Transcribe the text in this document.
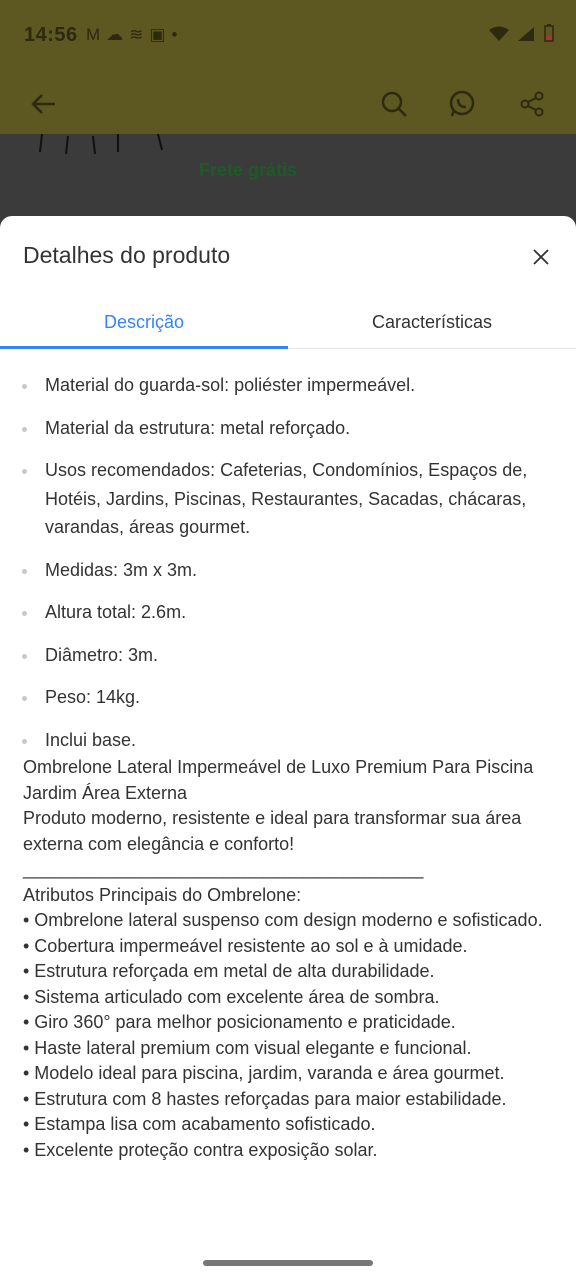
14:56 M☁≋▣•

Frete grátis
Detalhes do produto
Descrição	Características
Material do guarda-sol: poliéster impermeável.
Material da estrutura: metal reforçado.
Usos recomendados: Cafeterias, Condomínios, Espaços de, Hotéis, Jardins, Piscinas, Restaurantes, Sacadas, chácaras, varandas, áreas gourmet.
Medidas: 3m x 3m.
Altura total: 2.6m.
Diâmetro: 3m.
Peso: 14kg.
Inclui base.
Ombrelone Lateral Impermeável de Luxo Premium Para Piscina Jardim Área Externa
Produto moderno, resistente e ideal para transformar sua área externa com elegância e conforto!
________________________________________
Atributos Principais do Ombrelone:
• Ombrelone lateral suspenso com design moderno e sofisticado.
• Cobertura impermeável resistente ao sol e à umidade.
• Estrutura reforçada em metal de alta durabilidade.
• Sistema articulado com excelente área de sombra.
• Giro 360° para melhor posicionamento e praticidade.
• Haste lateral premium com visual elegante e funcional.
• Modelo ideal para piscina, jardim, varanda e área gourmet.
• Estrutura com 8 hastes reforçadas para maior estabilidade.
• Estampa lisa com acabamento sofisticado.
• Excelente proteção contra exposição solar.
